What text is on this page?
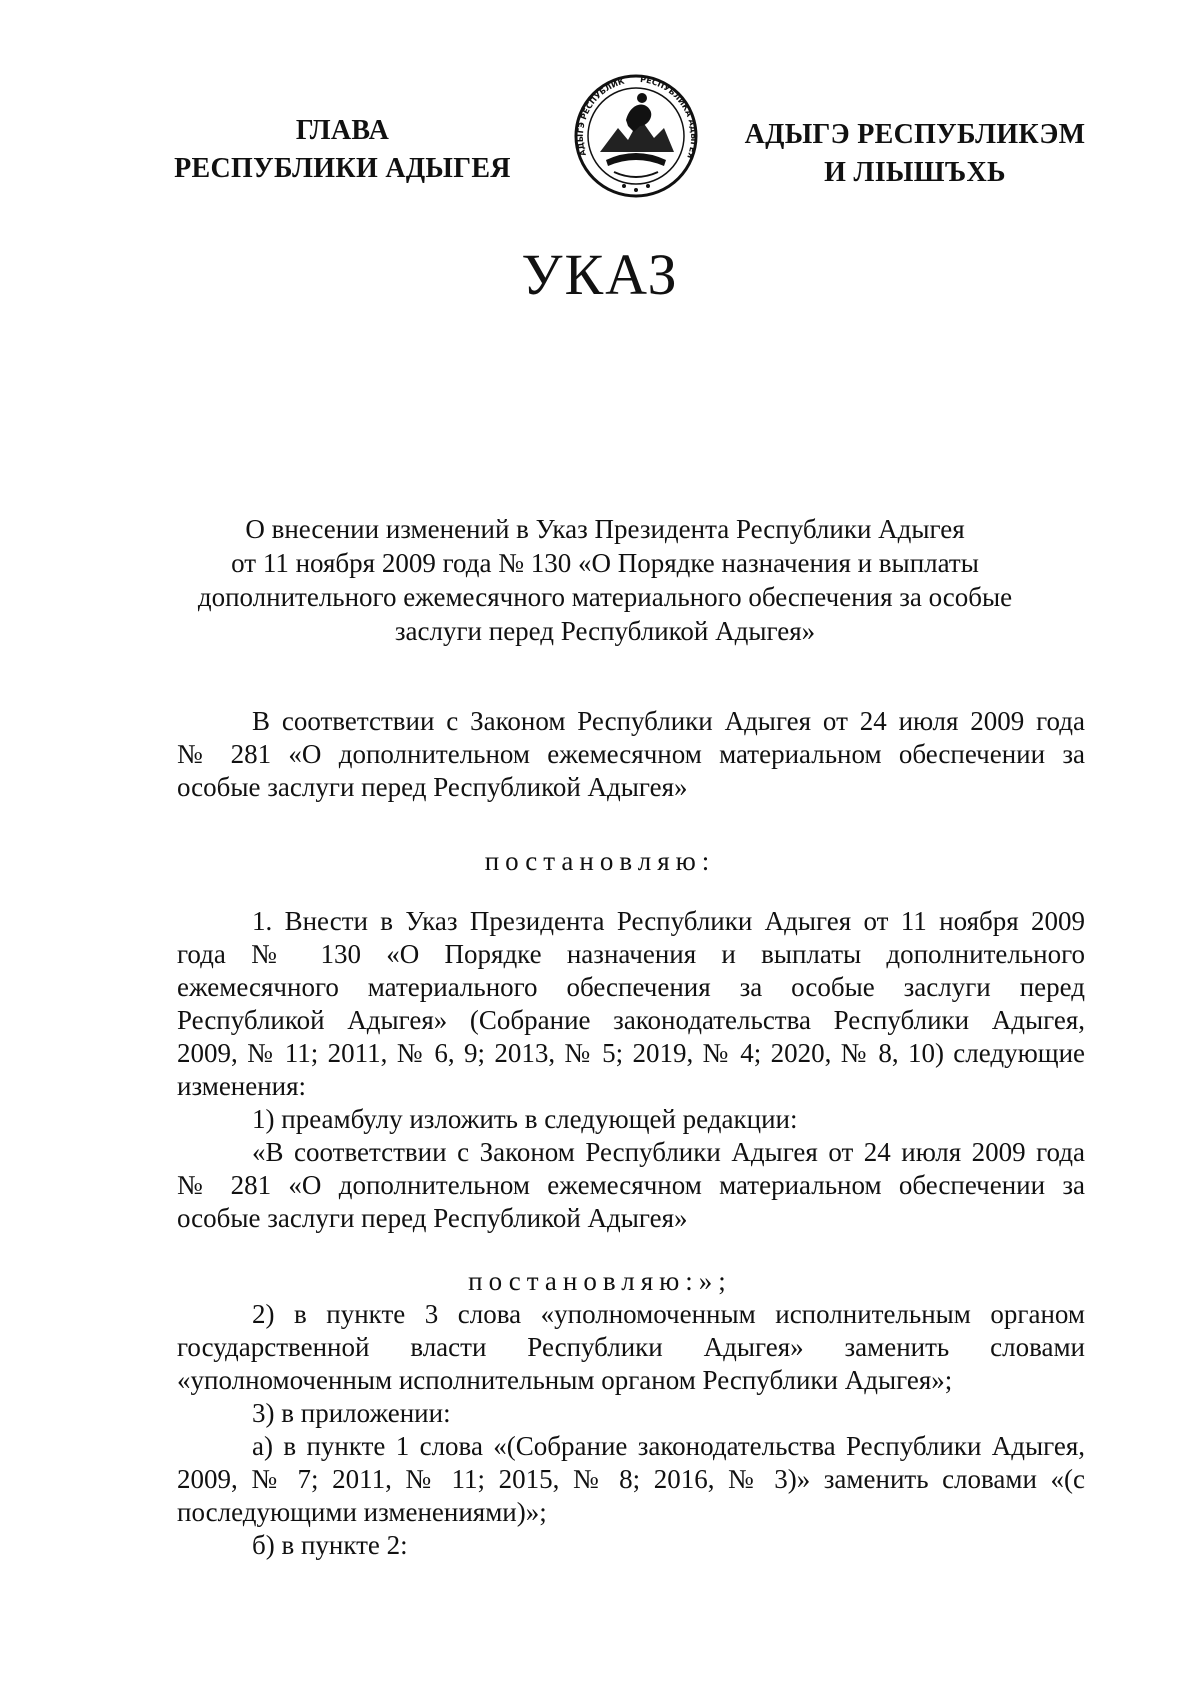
ГЛАВА
РЕСПУБЛИКИ АДЫГЕЯ
АДЫГЭ РЕСПУБЛИК РЕСПУБЛИКА АДЫГЕЯ
АДЫГЭ РЕСПУБЛИКЭМ
И ЛІЫШЪХЬ
УКАЗ
О внесении изменений в Указ Президента Республики Адыгея
от 11 ноября 2009 года № 130 «О Порядке назначения и выплаты
дополнительного ежемесячного материального обеспечения за особые
заслуги перед Республикой Адыгея»
В соответствии с Законом Республики Адыгея от 24 июля 2009 года
№ 281 «О дополнительном ежемесячном материальном обеспечении за
особые заслуги перед Республикой Адыгея»
постановляю:
1. Внести в Указ Президента Республики Адыгея от 11 ноября 2009
года № 130 «О Порядке назначения и выплаты дополнительного
ежемесячного материального обеспечения за особые заслуги перед
Республикой Адыгея» (Собрание законодательства Республики Адыгея,
2009, № 11; 2011, № 6, 9; 2013, № 5; 2019, № 4; 2020, № 8, 10) следующие
изменения:
1) преамбулу изложить в следующей редакции:
«В соответствии с Законом Республики Адыгея от 24 июля 2009 года
№ 281 «О дополнительном ежемесячном материальном обеспечении за
особые заслуги перед Республикой Адыгея»
постановляю:»;
2) в пункте 3 слова «уполномоченным исполнительным органом
государственной власти Республики Адыгея» заменить словами
«уполномоченным исполнительным органом Республики Адыгея»;
3) в приложении:
а) в пункте 1 слова «(Собрание законодательства Республики Адыгея,
2009, № 7; 2011, № 11; 2015, № 8; 2016, № 3)» заменить словами «(с
последующими изменениями)»;
б) в пункте 2:
